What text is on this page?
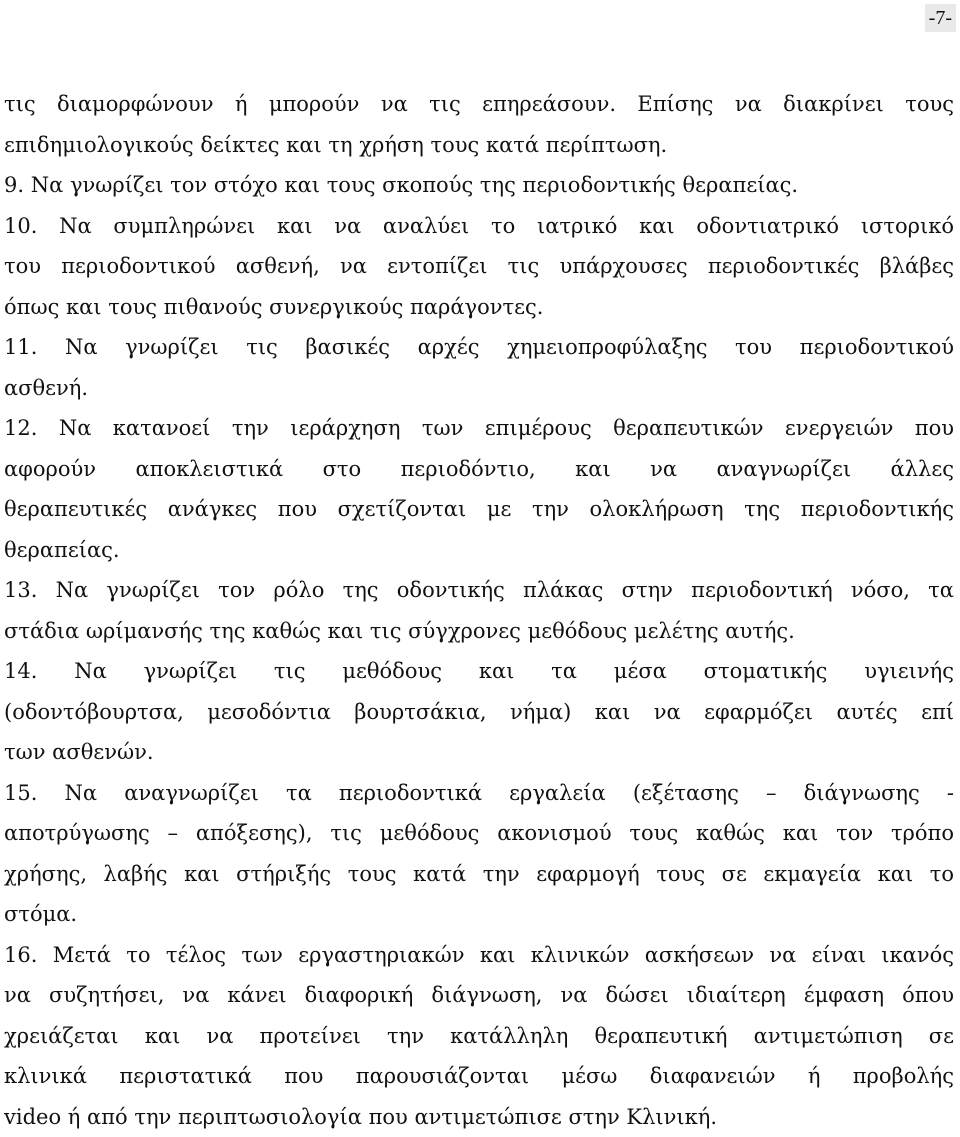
-7-
τις διαμορφώνουν ή μπορούν να τις επηρεάσουν. Επίσης να διακρίνει τους
επιδημιολογικούς δείκτες και τη χρήση τους κατά περίπτωση.
9. Να γνωρίζει τον στόχο και τους σκοπούς της περιοδοντικής θεραπείας.
10. Να συμπληρώνει και να αναλύει το ιατρικό και οδοντιατρικό ιστορικό
του περιοδοντικού ασθενή, να εντοπίζει τις υπάρχουσες περιοδοντικές βλάβες
όπως και τους πιθανούς συνεργικούς παράγοντες.
11. Να γνωρίζει τις βασικές αρχές χημειοπροφύλαξης του περιοδοντικού
ασθενή.
12. Να κατανοεί την ιεράρχηση των επιμέρους θεραπευτικών ενεργειών που
αφορούν αποκλειστικά στο περιοδόντιο, και να αναγνωρίζει άλλες
θεραπευτικές ανάγκες που σχετίζονται με την ολοκλήρωση της περιοδοντικής
θεραπείας.
13. Να γνωρίζει τον ρόλο της οδοντικής πλάκας στην περιοδοντική νόσο, τα
στάδια ωρίμανσής της καθώς και τις σύγχρονες μεθόδους μελέτης αυτής.
14. Να γνωρίζει τις μεθόδους και τα μέσα στοματικής υγιεινής
(οδοντόβουρτσα, μεσοδόντια βουρτσάκια, νήμα) και να εφαρμόζει αυτές επί
των ασθενών.
15. Να αναγνωρίζει τα περιοδοντικά εργαλεία (εξέτασης – διάγνωσης -
αποτρύγωσης – απόξεσης), τις μεθόδους ακονισμού τους καθώς και τον τρόπο
χρήσης, λαβής και στήριξής τους κατά την εφαρμογή τους σε εκμαγεία και το
στόμα.
16. Μετά το τέλος των εργαστηριακών και κλινικών ασκήσεων να είναι ικανός
να συζητήσει, να κάνει διαφορική διάγνωση, να δώσει ιδιαίτερη έμφαση όπου
χρειάζεται και να προτείνει την κατάλληλη θεραπευτική αντιμετώπιση σε
κλινικά περιστατικά που παρουσιάζονται μέσω διαφανειών ή προβολής
video ή από την περιπτωσιολογία που αντιμετώπισε στην Κλινική.
